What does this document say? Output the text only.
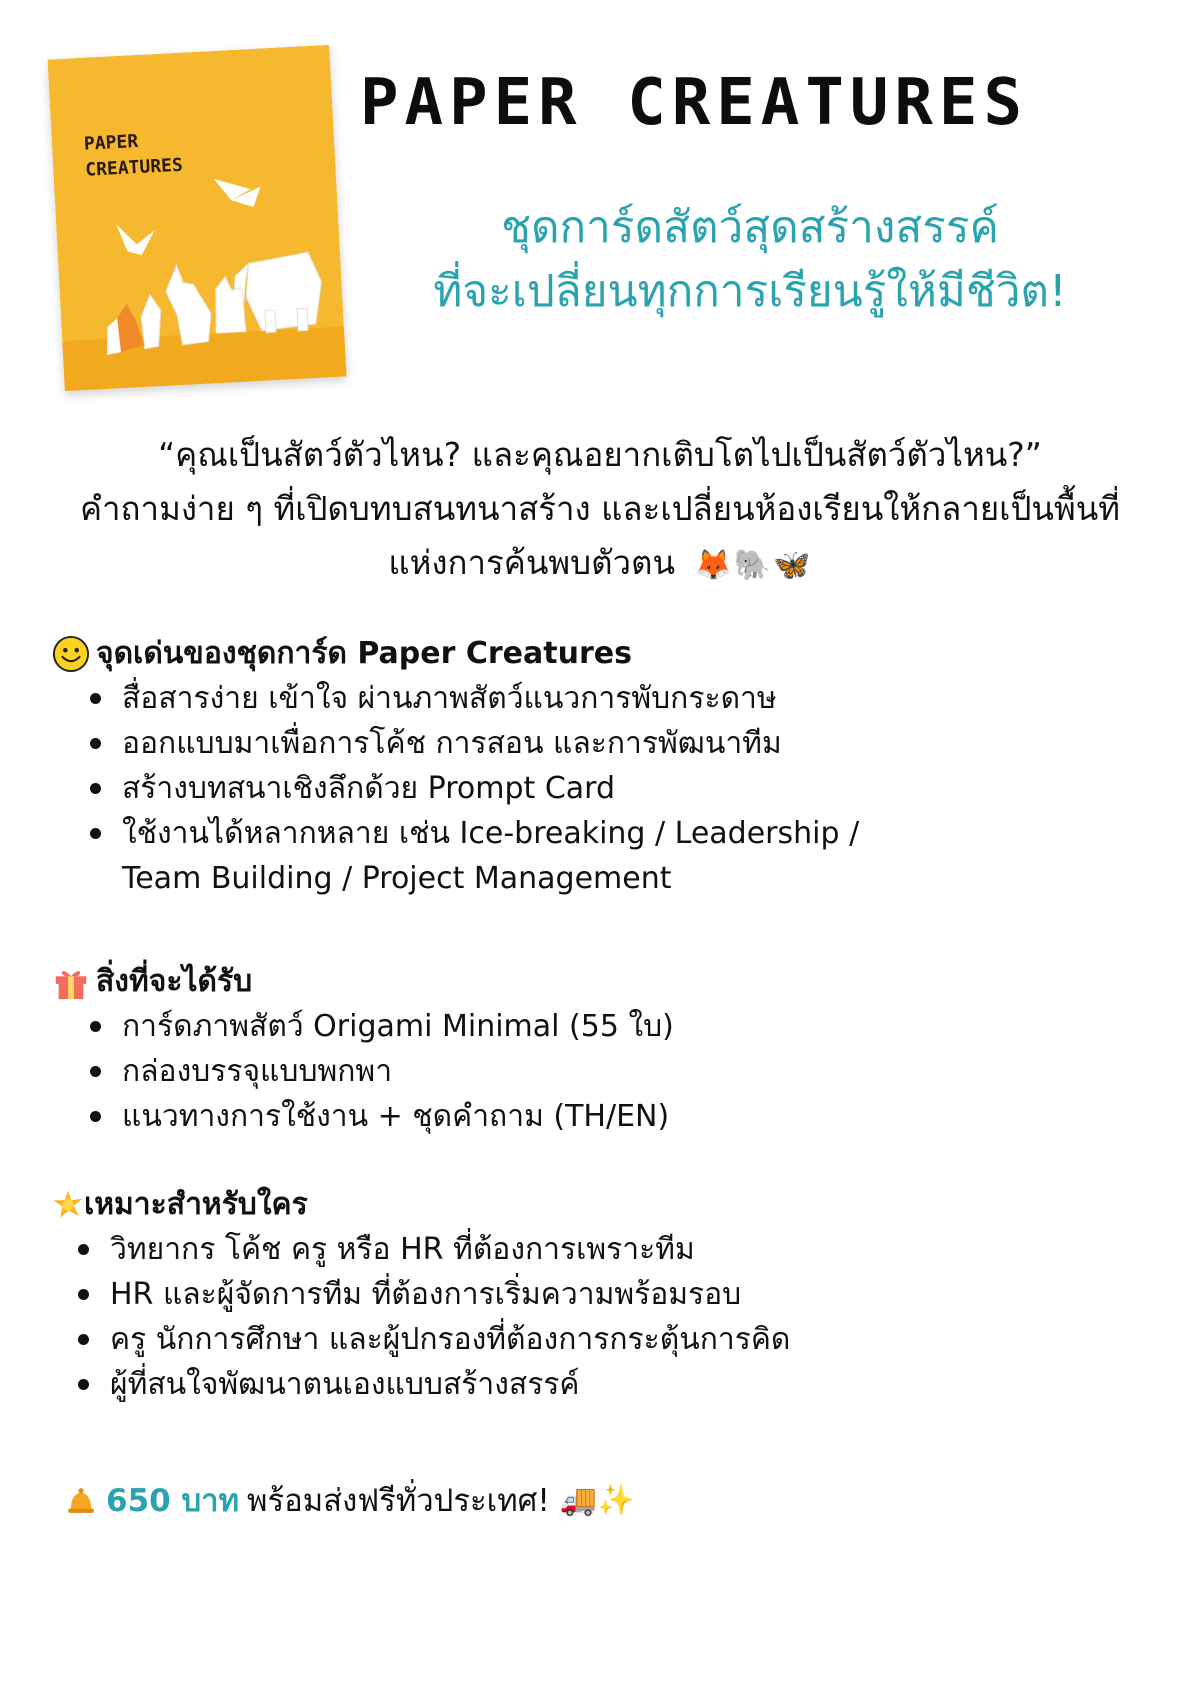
PAPER
CREATURES
PAPER CREATURES
ชุดการ์ดสัตว์สุดสร้างสรรค์
ที่จะเปลี่ยนทุกการเรียนรู้ให้มีชีวิต!
“คุณเป็นสัตว์ตัวไหน? และคุณอยากเติบโตไปเป็นสัตว์ตัวไหน?”
คำถามง่าย ๆ ที่เปิดบทบสนทนาสร้าง และเปลี่ยนห้องเรียนให้กลายเป็นพื้นที่
แห่งการค้นพบตัวตน 🦊🐘🦋
จุดเด่นของชุดการ์ด Paper Creatures
สื่อสารง่าย เข้าใจ ผ่านภาพสัตว์แนวการพับกระดาษ
ออกแบบมาเพื่อการโค้ช การสอน และการพัฒนาทีม
สร้างบทสนาเชิงลึกด้วย Prompt Card
ใช้งานได้หลากหลาย เช่น Ice-breaking / Leadership /
Team Building / Project Management
สิ่งที่จะได้รับ
การ์ดภาพสัตว์ Origami Minimal (55 ใบ)
กล่องบรรจุแบบพกพา
แนวทางการใช้งาน + ชุดคำถาม (TH/EN)
เหมาะสำหรับใคร
วิทยากร โค้ช ครู หรือ HR ที่ต้องการเพราะทีม
HR และผู้จัดการทีม ที่ต้องการเริ่มความพร้อมรอบ
ครู นักการศึกษา และผู้ปกรองที่ต้องการกระตุ้นการคิด
ผู้ที่สนใจพัฒนาตนเองแบบสร้างสรรค์
650 บาท พร้อมส่งฟรีทั่วประเทศ! 🚚 ✨
